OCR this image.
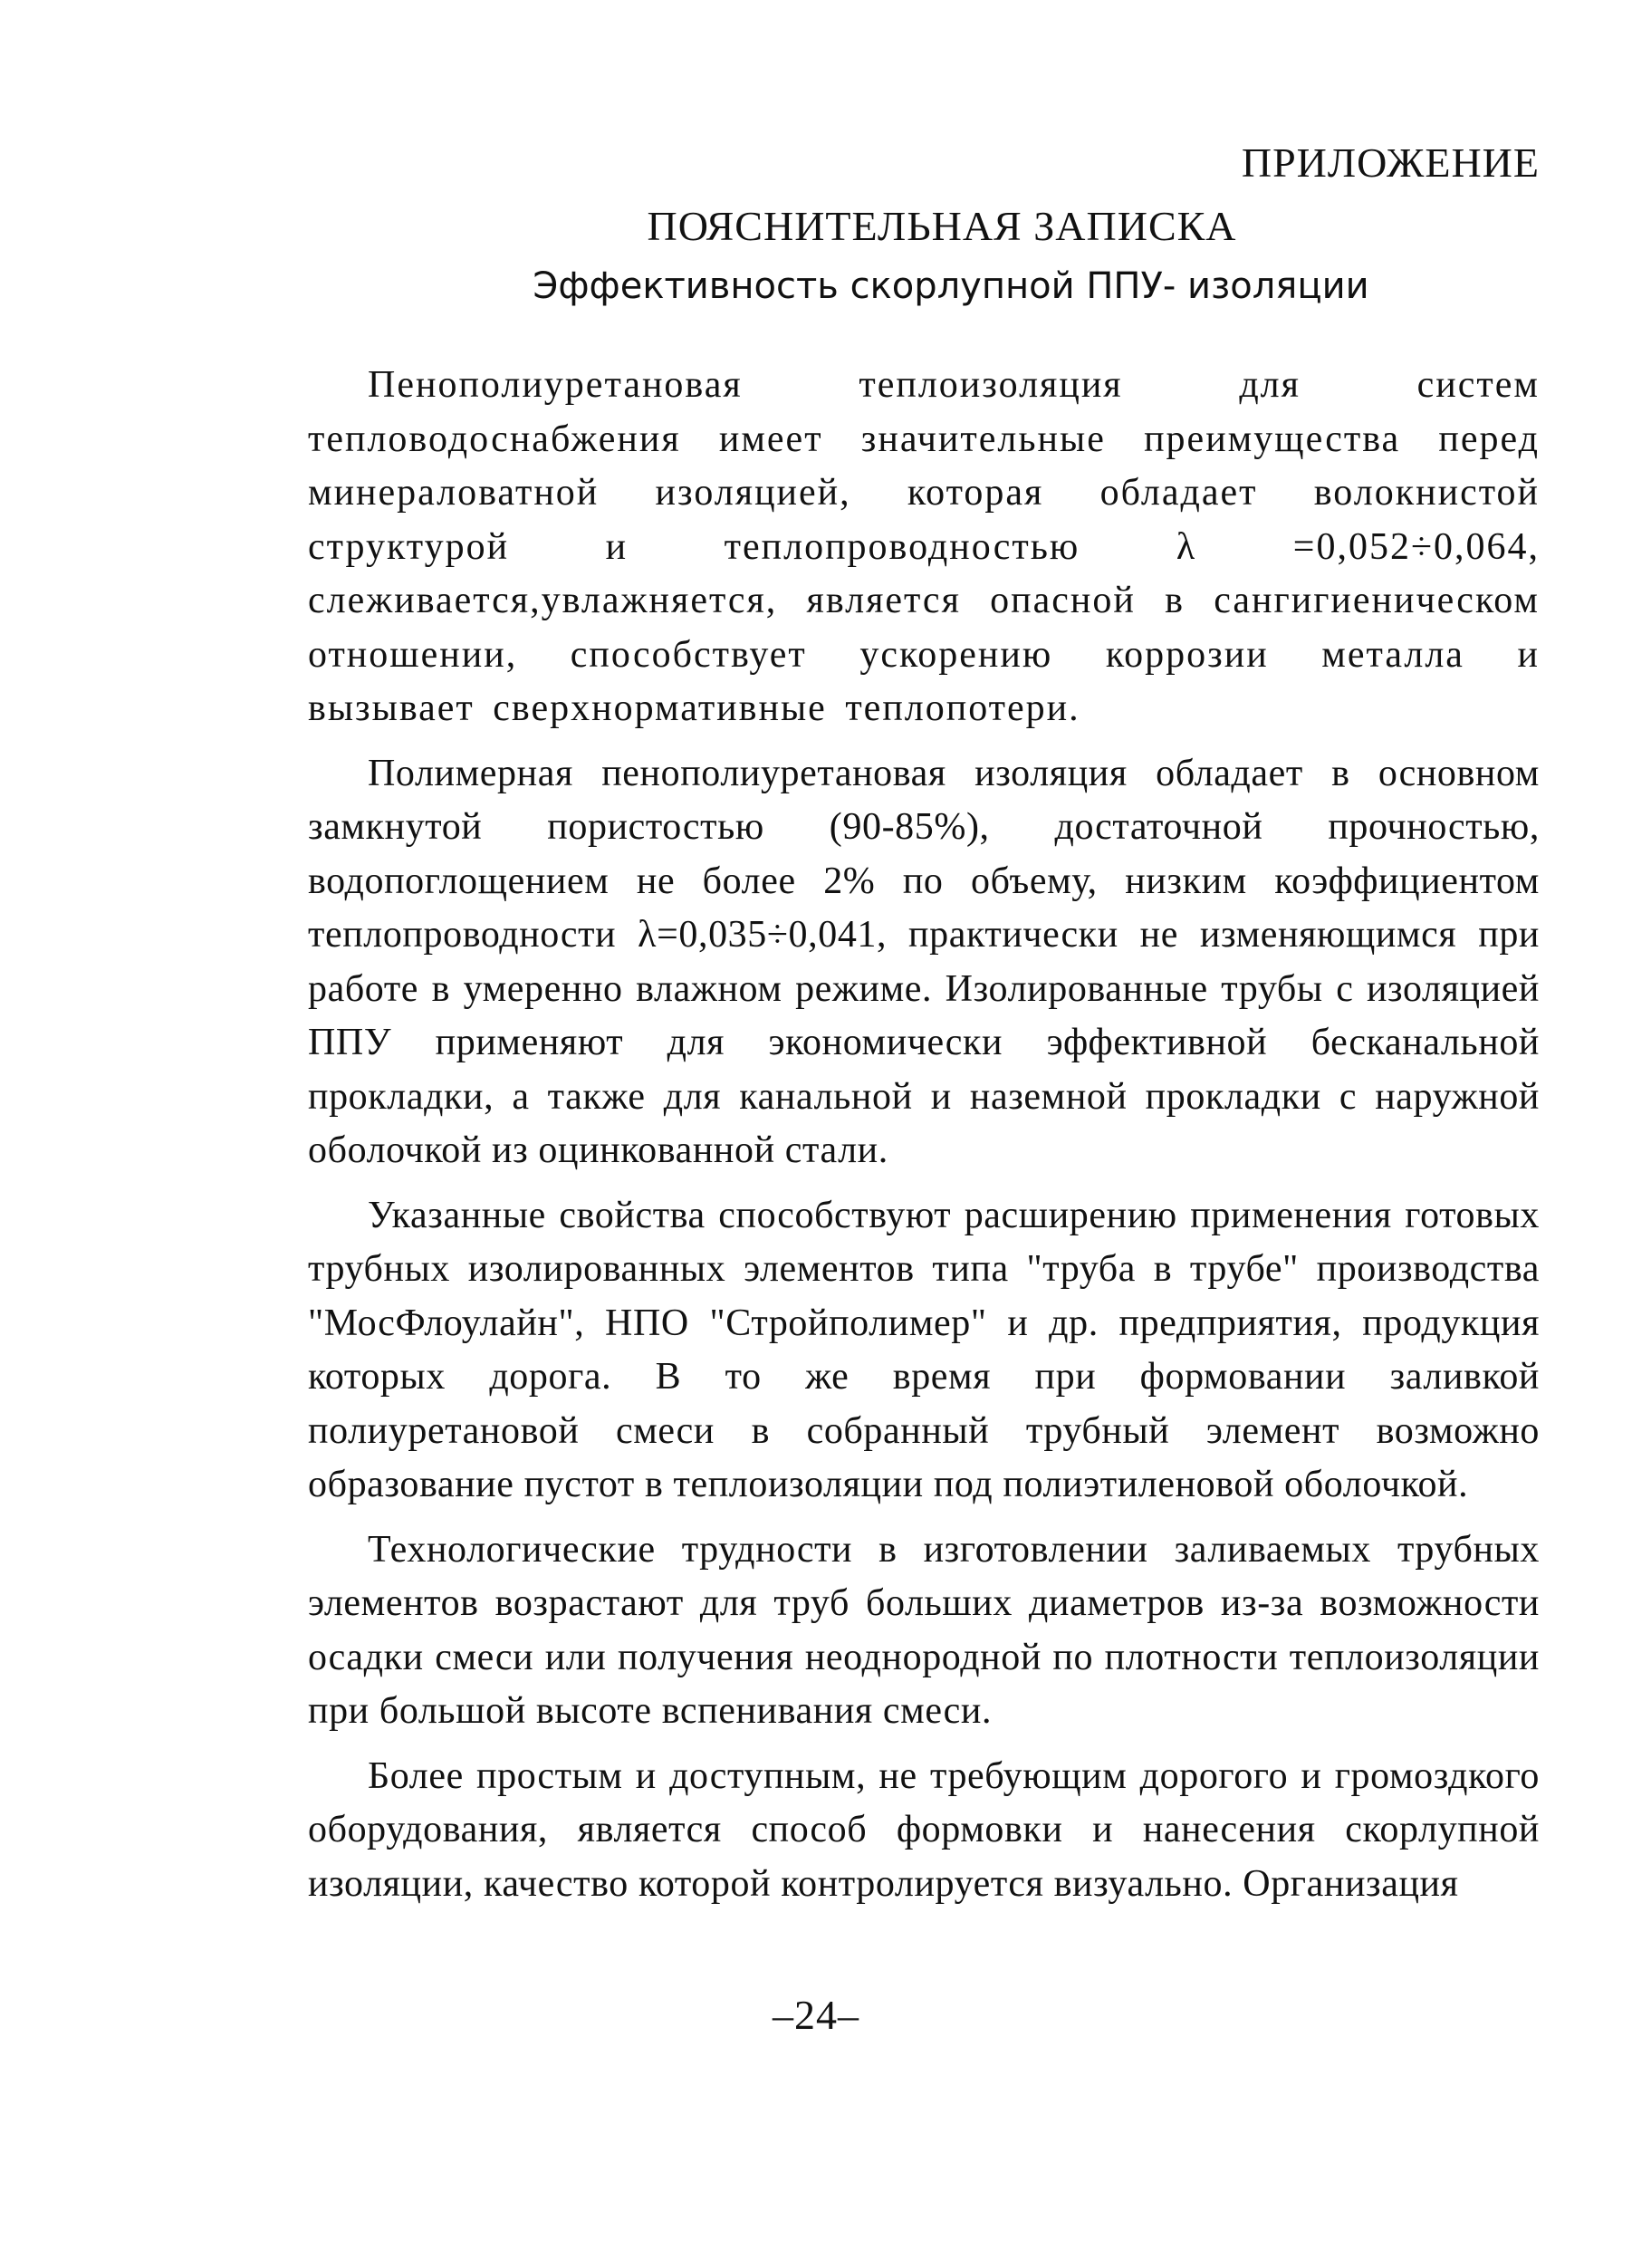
ПРИЛОЖЕНИЕ
ПОЯСНИТЕЛЬНАЯ ЗАПИСКА
Эффективность скорлупной ППУ- изоляции

Пенополиуретановая теплоизоляция для систем тепловодоснабжения имеет значительные преимущества перед минераловатной изоляцией, которая обладает волокнистой структурой и теплопроводностью λ =0,052÷0,064, слеживается,увлажняется, является опасной в сангигиеническом отношении, способствует ускорению коррозии металла и вызывает сверхнормативные теплопотери.

Полимерная пенополиуретановая изоляция обладает в основном замкнутой пористостью (90-85%), достаточной прочностью, водопоглощением не более 2% по объему, низким коэффициентом теплопроводности λ=0,035÷0,041, практически не изменяющимся при работе в умеренно влажном режиме. Изолированные трубы с изоляцией ППУ применяют для экономически эффективной бесканальной прокладки, а также для канальной и наземной прокладки с наружной оболочкой из оцинкованной стали.

Указанные свойства способствуют расширению применения готовых трубных изолированных элементов типа "труба в трубе" производства "МосФлоулайн", НПО "Стройполимер" и др. предприятия, продукция которых дорога. В то же время при формовании заливкой полиуретановой смеси в собранный трубный элемент возможно образование пустот в теплоизоляции под полиэтиленовой оболочкой.

Технологические трудности в изготовлении заливаемых трубных элементов возрастают для труб больших диаметров из-за возможности осадки смеси или получения неоднородной по плотности теплоизоляции при большой высоте вспенивания смеси.

Более простым и доступным, не требующим дорогого и громоздкого оборудования, является способ формовки и нанесения скорлупной изоляции, качество которой контролируется визуально. Организация

–24–
